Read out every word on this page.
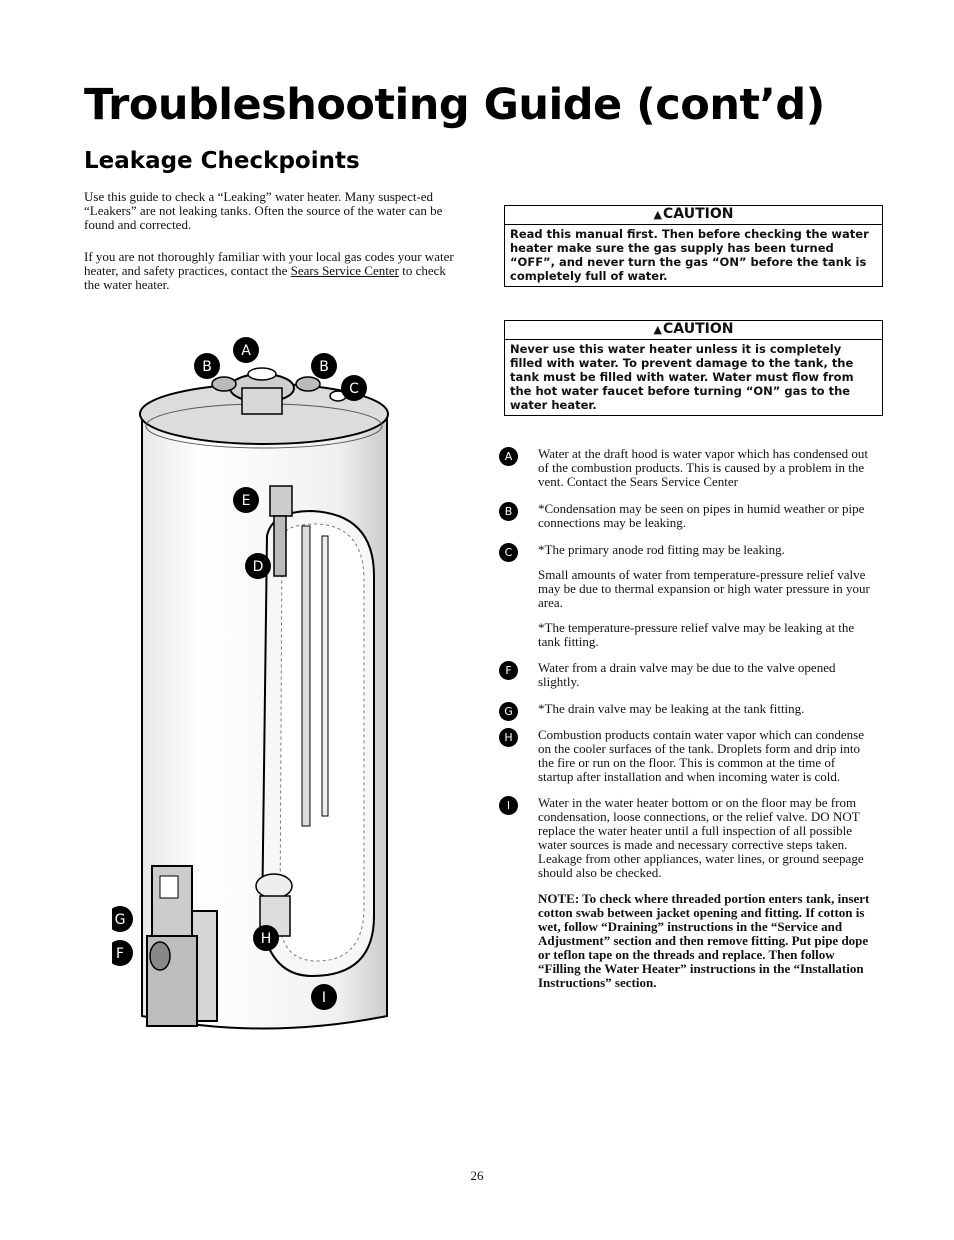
Troubleshooting Guide (cont’d)
Leakage Checkpoints

Use this guide to check a “Leaking” water heater. Many suspect-ed “Leakers” are not leaking tanks. Often the source of the water can be found and corrected.

If you are not thoroughly familiar with your local gas codes your water heater, and safety practices, contact the Sears Service Center to check the water heater.

▲CAUTION
Read this manual first. Then before checking the water heater make sure the gas supply has been turned “OFF”, and never turn the gas “ON” before the tank is completely full of water.
▲CAUTION
Never use this water heater unless it is completely filled with water. To prevent damage to the tank, the tank must be filled with water. Water must flow from the hot water faucet before turning “ON” gas to the water heater.
A
B	B
C
E
D
G
F
H
I

A	Water at the draft hood is water vapor which has condensed out of the combustion products. This is caused by a problem in the vent. Contact the Sears Service Center

B	*Condensation may be seen on pipes in humid weather or pipe connections may be leaking.

C	*The primary anode rod fitting may be leaking.

Small amounts of water from temperature-pressure relief valve may be due to thermal expansion or high water pressure in your area.

*The temperature-pressure relief valve may be leaking at the tank fitting.

F	Water from a drain valve may be due to the valve opened slightly.

G	*The drain valve may be leaking at the tank fitting.

H	Combustion products contain water vapor which can condense on the cooler surfaces of the tank. Droplets form and drip into the fire or run on the floor. This is common at the time of startup after installation and when incoming water is cold.

I	Water in the water heater bottom or on the floor may be from condensation, loose connections, or the relief valve. DO NOT replace the water heater until a full inspection of all possible water sources is made and necessary corrective steps taken. Leakage from other appliances, water lines, or ground seepage should also be checked.

NOTE: To check where threaded portion enters tank, insert cotton swab between jacket opening and fitting. If cotton is wet, follow “Draining” instructions in the “Service and Adjustment” section and then remove fitting. Put pipe dope or teflon tape on the threads and replace. Then follow “Filling the Water Heater” instructions in the “Installation Instructions” section.

26
